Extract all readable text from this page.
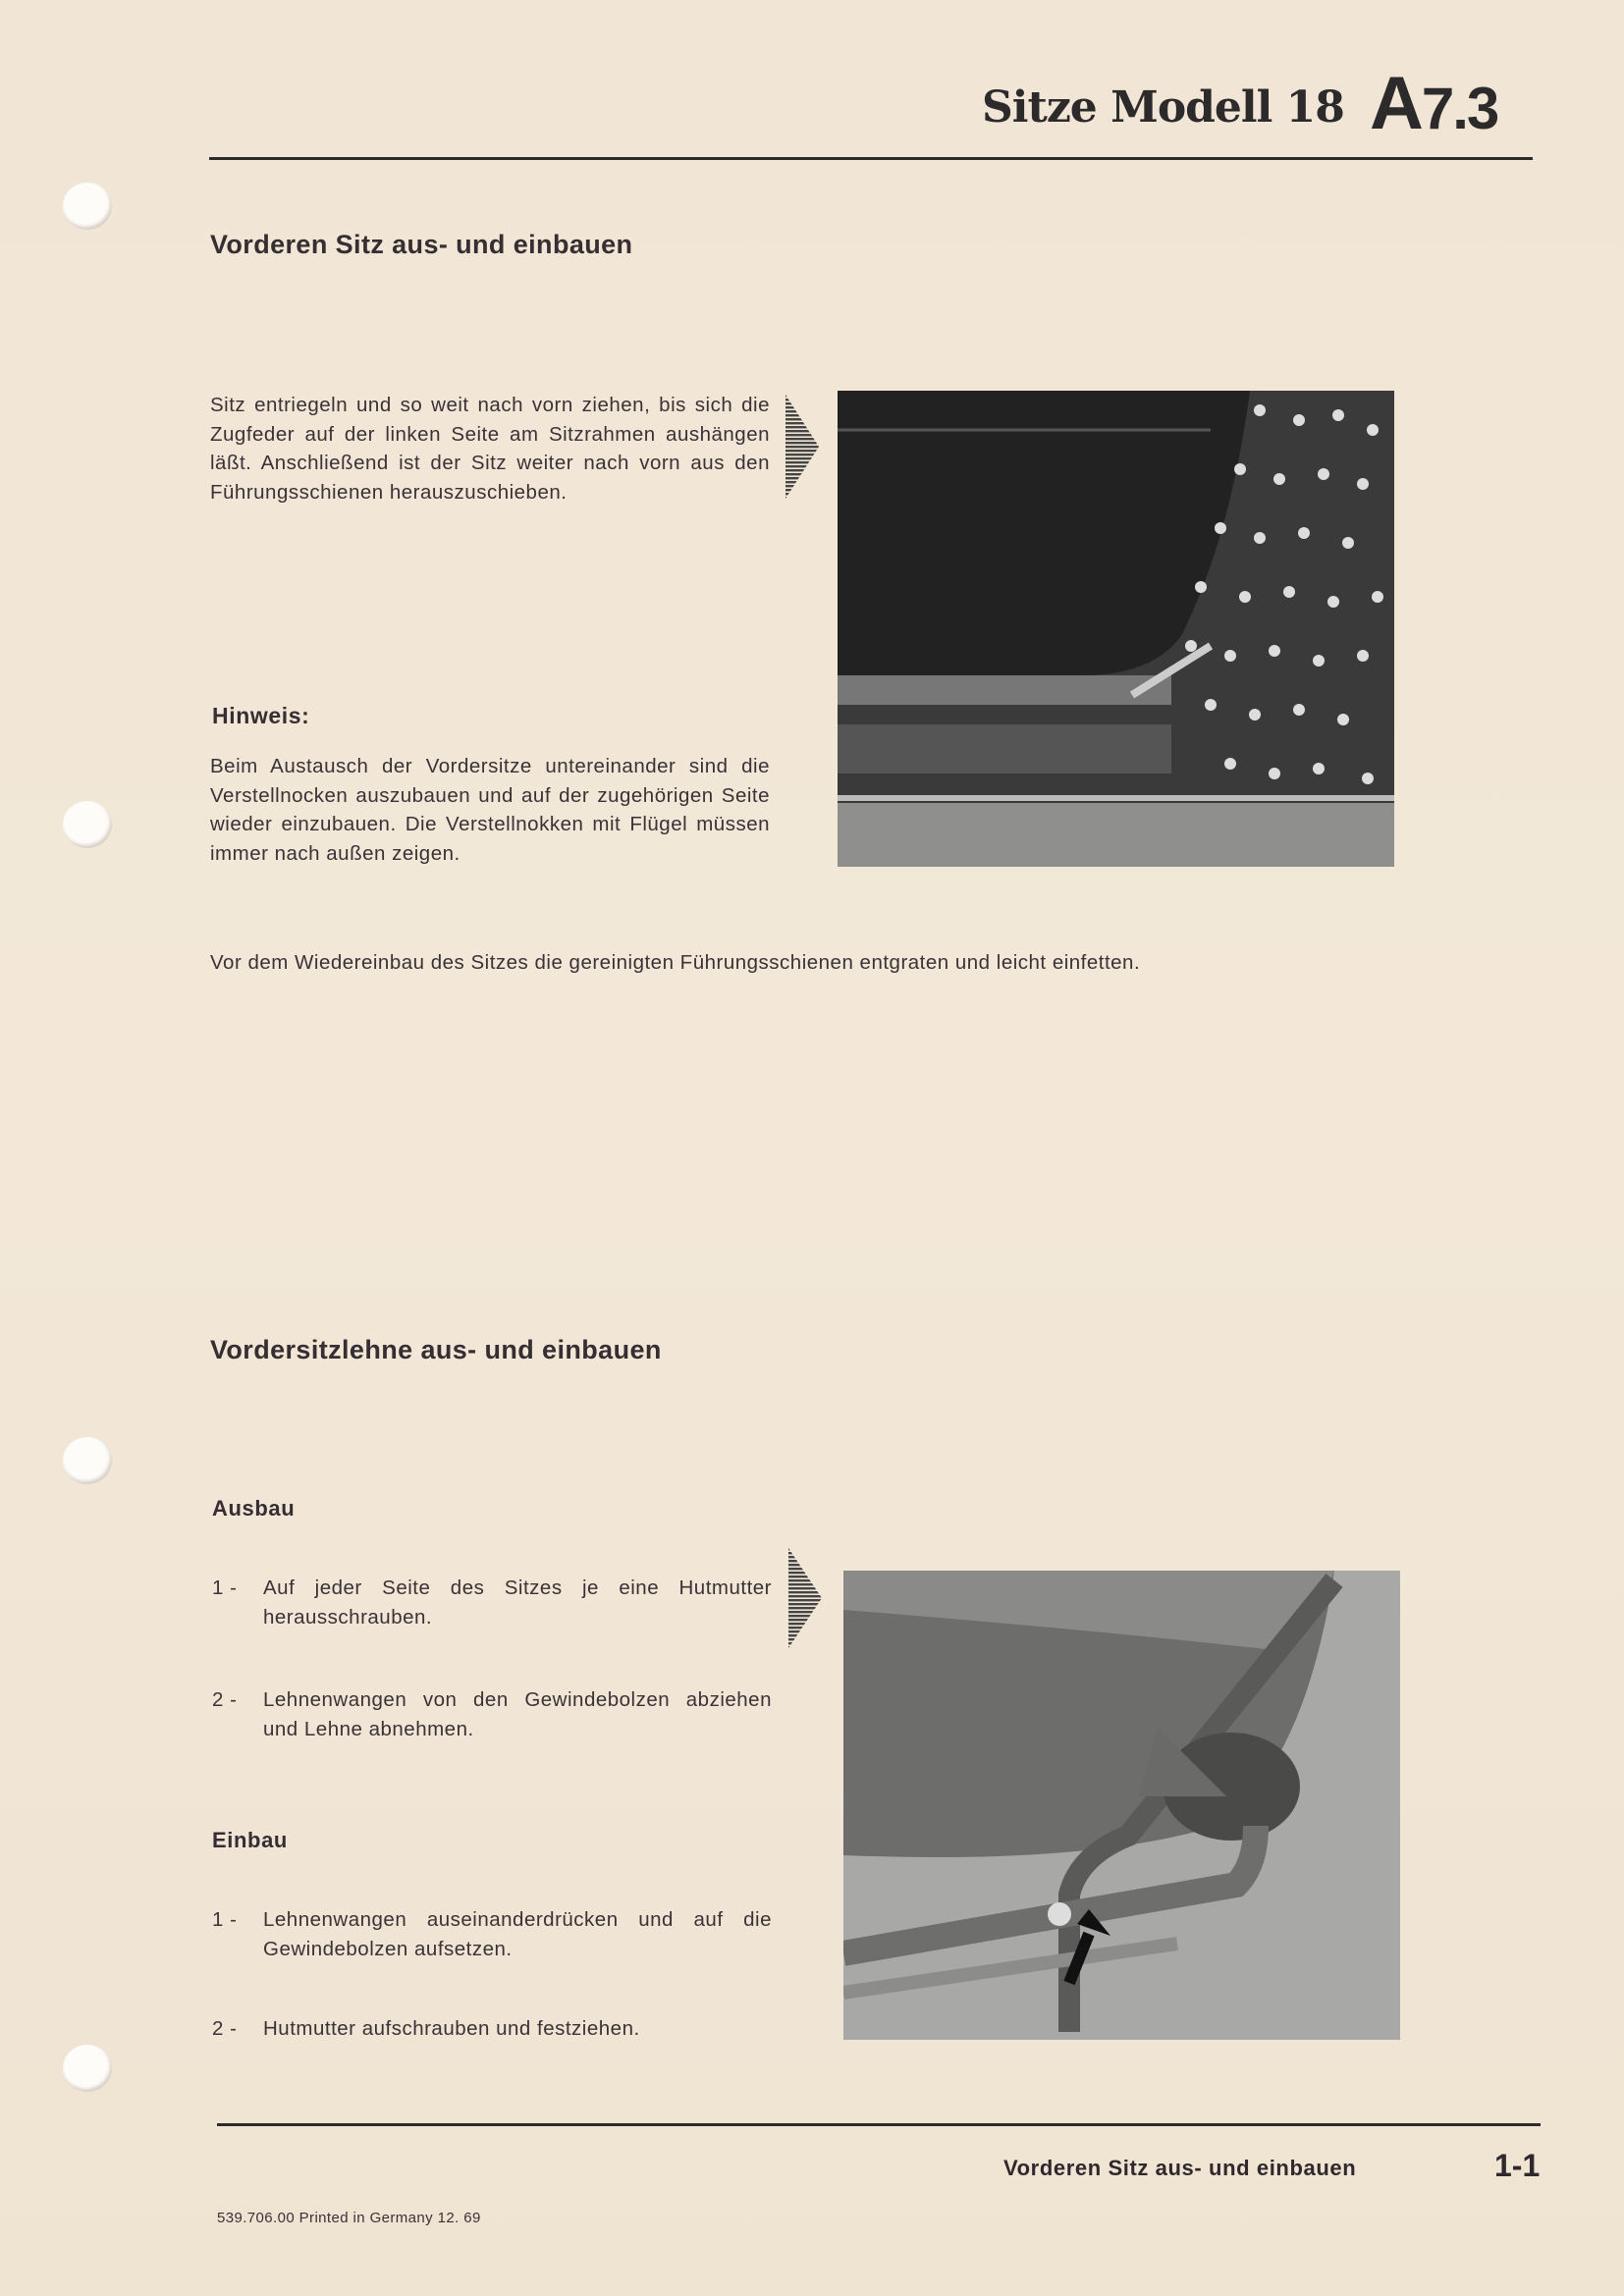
Sitze Modell 18 A7.3
Vorderen Sitz aus- und einbauen
Sitz entriegeln und so weit nach vorn ziehen, bis sich die Zugfeder auf der linken Seite am Sitzrahmen aushängen läßt. Anschließend ist der Sitz weiter nach vorn aus den Führungsschienen herauszuschieben.
Hinweis:
Beim Austausch der Vordersitze untereinander sind die Verstellnocken auszubauen und auf der zugehörigen Seite wieder einzubauen. Die Verstellnokken mit Flügel müssen immer nach außen zeigen.
Vor dem Wiedereinbau des Sitzes die gereinigten Führungsschienen entgraten und leicht einfetten.
Vordersitzlehne aus- und einbauen
Ausbau
1 -	Auf jeder Seite des Sitzes je eine Hutmutter herausschrauben.
2 -	Lehnenwangen von den Gewindebolzen abziehen und Lehne abnehmen.
Einbau
1 -	Lehnenwangen auseinanderdrücken und auf die Gewindebolzen aufsetzen.
2 -	Hutmutter aufschrauben und festziehen.
Vorderen Sitz aus- und einbauen	1-1
539.706.00 Printed in Germany 12. 69
